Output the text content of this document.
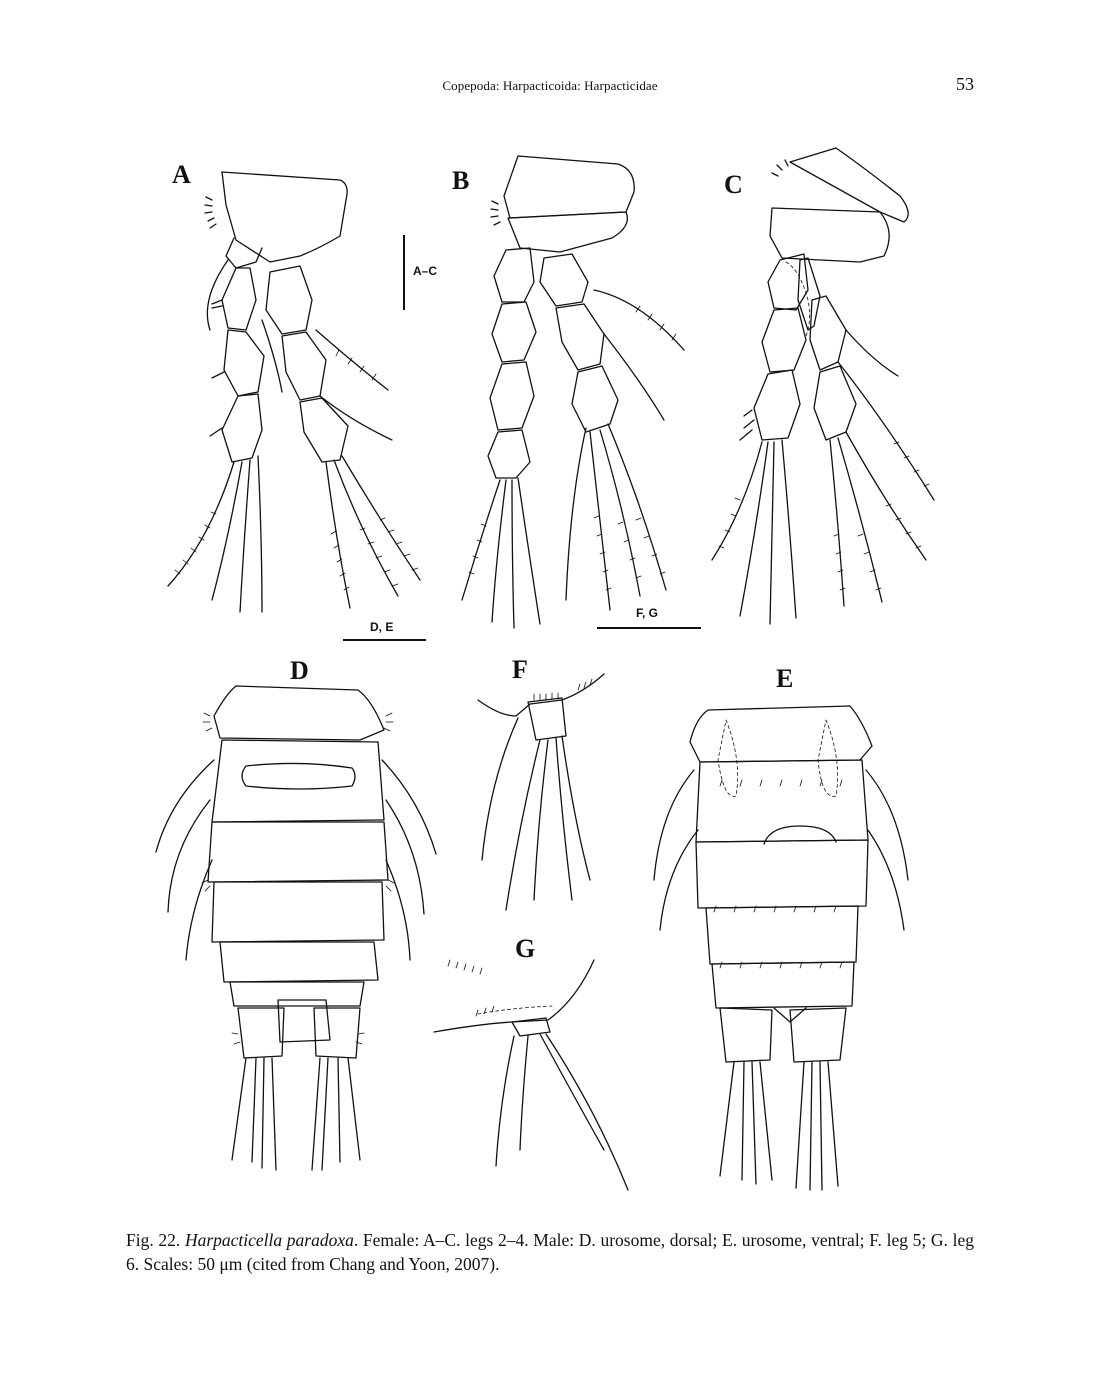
Copepoda: Harpacticoida: Harpacticidae	53
A	B	C
D	E
F
G
A–C
D, E
F, G
Fig. 22. Harpacticella paradoxa. Female: A–C. legs 2–4. Male: D. urosome, dorsal; E. urosome, ventral; F. leg 5; G. leg 6. Scales: 50 μm (cited from Chang and Yoon, 2007).
